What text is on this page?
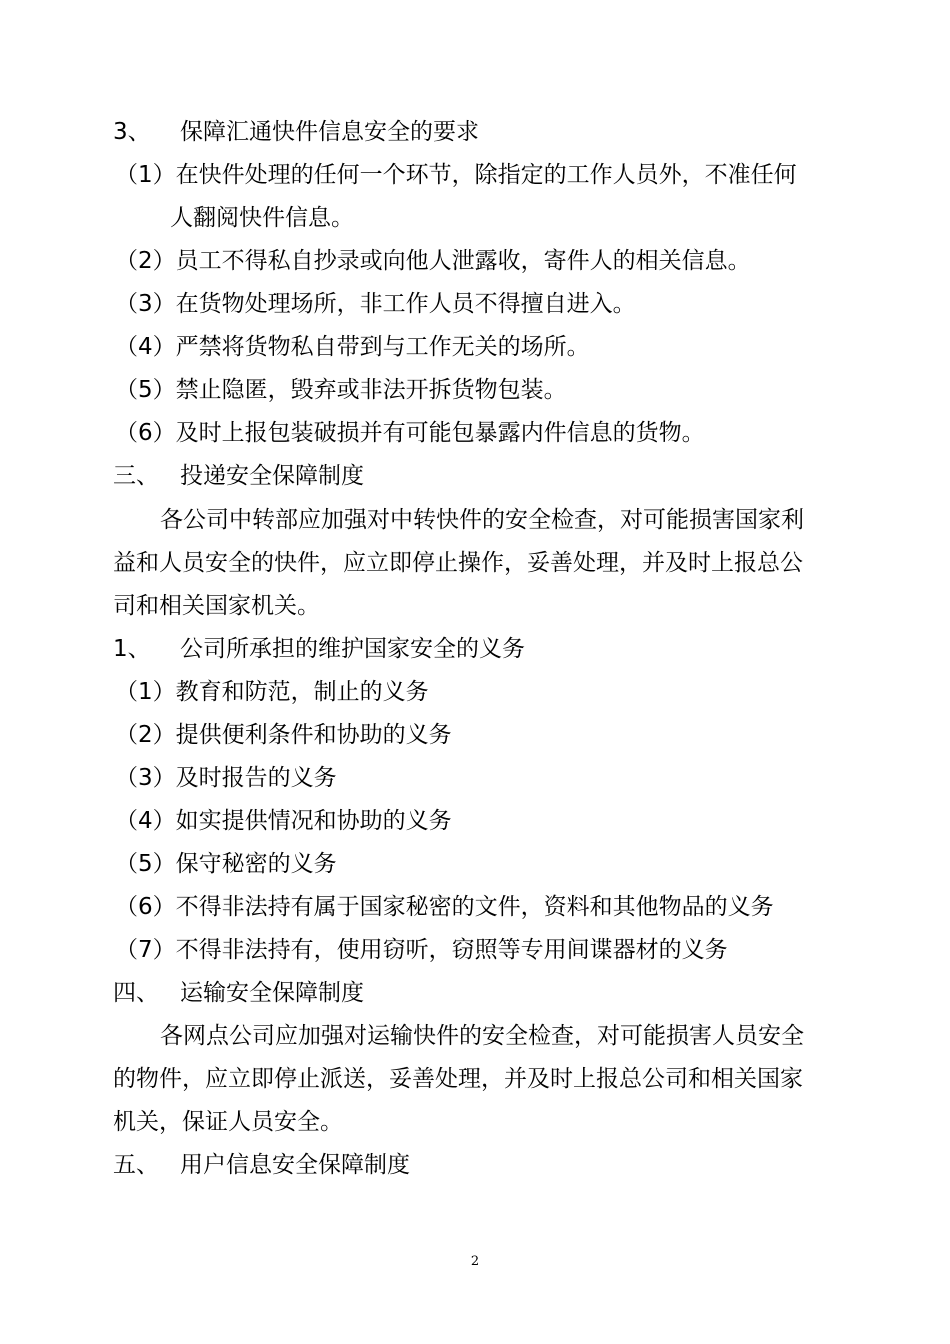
3、 保障汇通快件信息安全的要求
（1）在快件处理的任何一个环节，除指定的工作人员外，不准任何
人翻阅快件信息。
（2）员工不得私自抄录或向他人泄露收，寄件人的相关信息。
（3）在货物处理场所，非工作人员不得擅自进入。
（4）严禁将货物私自带到与工作无关的场所。
（5）禁止隐匿，毁弃或非法开拆货物包装。
（6）及时上报包装破损并有可能包暴露内件信息的货物。
三、 投递安全保障制度
各公司中转部应加强对中转快件的安全检查，对可能损害国家利
益和人员安全的快件，应立即停止操作，妥善处理，并及时上报总公
司和相关国家机关。
1、 公司所承担的维护国家安全的义务
（1）教育和防范，制止的义务
（2）提供便利条件和协助的义务
（3）及时报告的义务
（4）如实提供情况和协助的义务
（5）保守秘密的义务
（6）不得非法持有属于国家秘密的文件，资料和其他物品的义务
（7）不得非法持有，使用窃听，窃照等专用间谍器材的义务
四、 运输安全保障制度
各网点公司应加强对运输快件的安全检查，对可能损害人员安全
的物件，应立即停止派送，妥善处理，并及时上报总公司和相关国家
机关，保证人员安全。
五、 用户信息安全保障制度
2
